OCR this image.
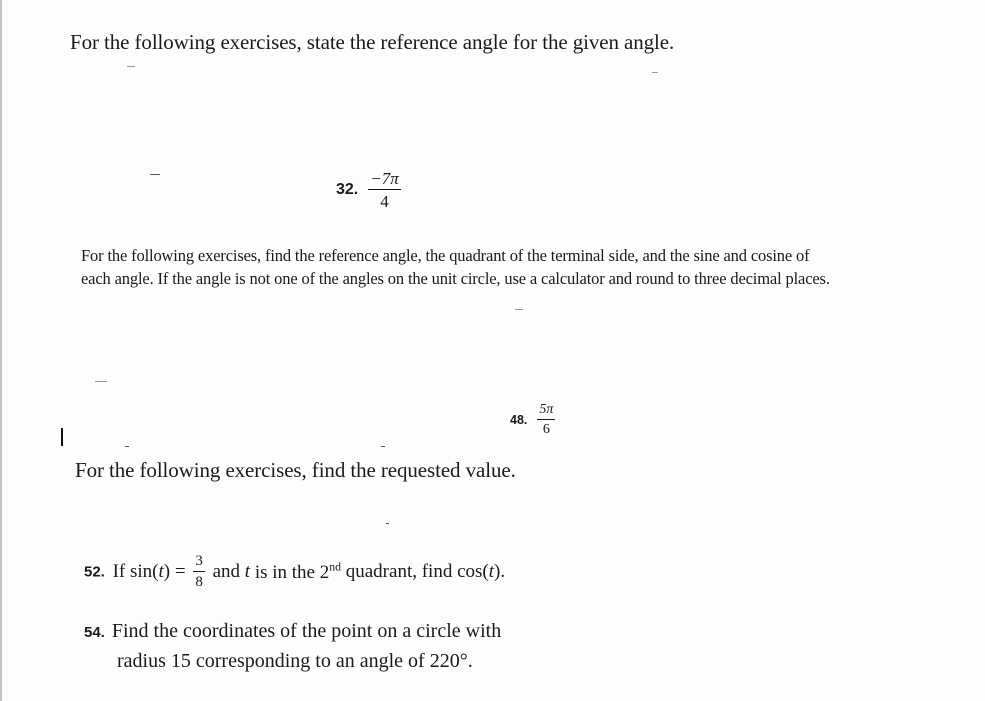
For the following exercises, state the reference angle for the given angle.
32. $\frac{-7\pi}{4}$
For the following exercises, find the reference angle, the quadrant of the terminal side, and the sine and cosine of
each angle. If the angle is not one of the angles on the unit circle, use a calculator and round to three decimal places.
48. $\frac{5\pi}{6}$
For the following exercises, find the requested value.
52. If $\sin(t) = \frac{3}{8}$ and t is in the 2nd quadrant, find cos(t).
54. Find the coordinates of the point on a circle with
radius 15 corresponding to an angle of 220°.
